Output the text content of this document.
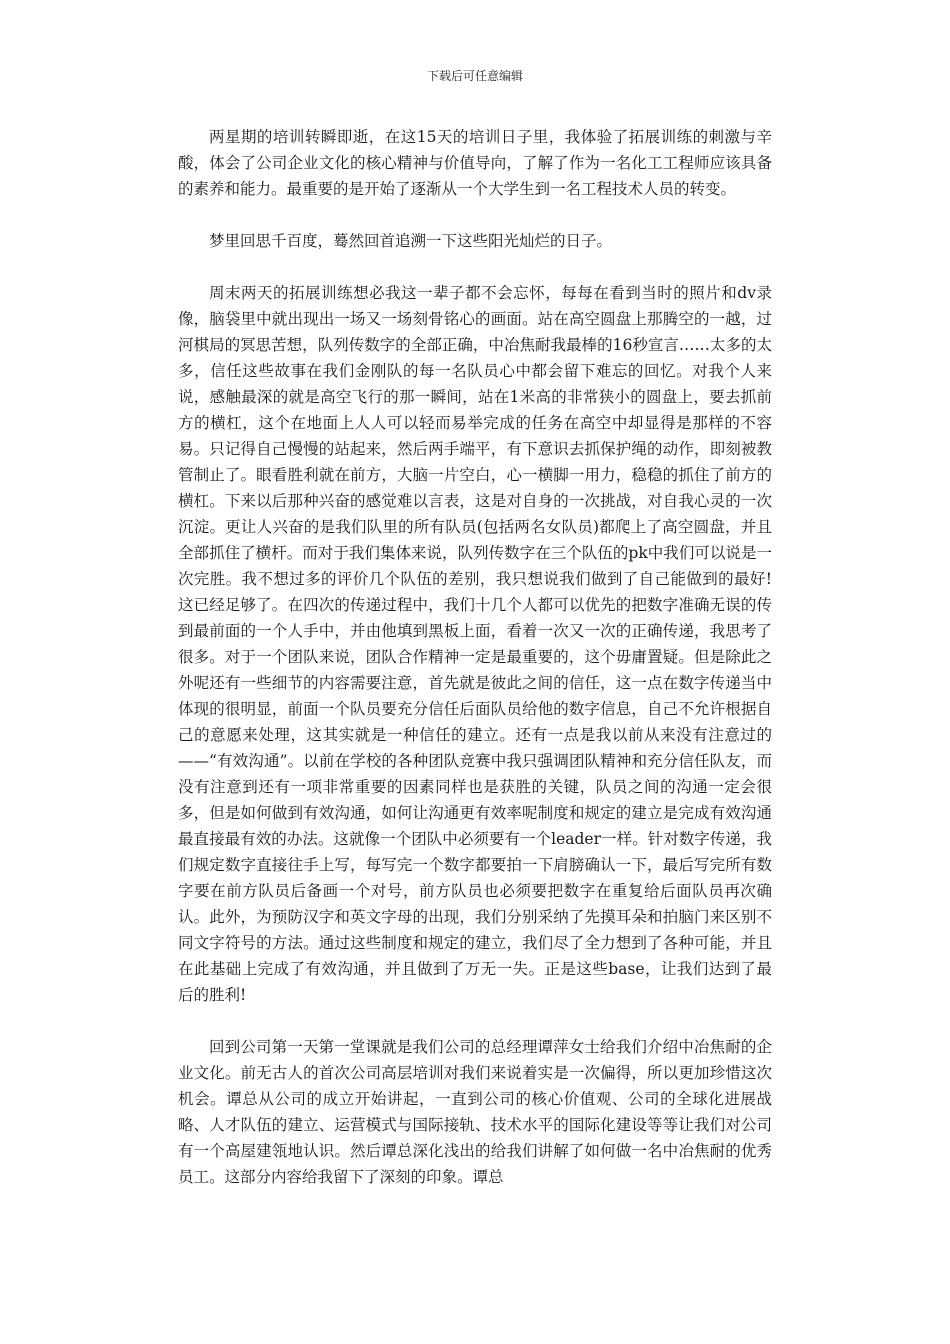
下载后可任意编辑

两星期的培训转瞬即逝，在这15天的培训日子里，我体验了拓展训练的刺激与辛酸，体会了公司企业文化的核心精神与价值导向，了解了作为一名化工工程师应该具备的素养和能力。最重要的是开始了逐渐从一个大学生到一名工程技术人员的转变。

梦里回思千百度，蓦然回首追溯一下这些阳光灿烂的日子。

周末两天的拓展训练想必我这一辈子都不会忘怀，每每在看到当时的照片和dv录像，脑袋里中就出现出一场又一场刻骨铭心的画面。站在高空圆盘上那腾空的一越，过河棋局的冥思苦想，队列传数字的全部正确，中冶焦耐我最棒的16秒宣言……太多的太多，信任这些故事在我们金刚队的每一名队员心中都会留下难忘的回忆。对我个人来说，感触最深的就是高空飞行的那一瞬间，站在1米高的非常狭小的圆盘上，要去抓前方的横杠，这个在地面上人人可以轻而易举完成的任务在高空中却显得是那样的不容易。只记得自己慢慢的站起来，然后两手端平，有下意识去抓保护绳的动作，即刻被教管制止了。眼看胜利就在前方，大脑一片空白，心一横脚一用力，稳稳的抓住了前方的横杠。下来以后那种兴奋的感觉难以言表，这是对自身的一次挑战，对自我心灵的一次沉淀。更让人兴奋的是我们队里的所有队员(包括两名女队员)都爬上了高空圆盘，并且全部抓住了横杆。而对于我们集体来说，队列传数字在三个队伍的pk中我们可以说是一次完胜。我不想过多的评价几个队伍的差别，我只想说我们做到了自己能做到的最好!这已经足够了。在四次的传递过程中，我们十几个人都可以优先的把数字准确无误的传到最前面的一个人手中，并由他填到黑板上面，看着一次又一次的正确传递，我思考了很多。对于一个团队来说，团队合作精神一定是最重要的，这个毋庸置疑。但是除此之外呢还有一些细节的内容需要注意，首先就是彼此之间的信任，这一点在数字传递当中体现的很明显，前面一个队员要充分信任后面队员给他的数字信息，自己不允许根据自己的意愿来处理，这其实就是一种信任的建立。还有一点是我以前从来没有注意过的——“有效沟通”。以前在学校的各种团队竞赛中我只强调团队精神和充分信任队友，而没有注意到还有一项非常重要的因素同样也是获胜的关键，队员之间的沟通一定会很多，但是如何做到有效沟通，如何让沟通更有效率呢制度和规定的建立是完成有效沟通最直接最有效的办法。这就像一个团队中必须要有一个leader一样。针对数字传递，我们规定数字直接往手上写，每写完一个数字都要拍一下肩膀确认一下，最后写完所有数字要在前方队员后备画一个对号，前方队员也必须要把数字在重复给后面队员再次确认。此外，为预防汉字和英文字母的出现，我们分别采纳了先摸耳朵和拍脑门来区别不同文字符号的方法。通过这些制度和规定的建立，我们尽了全力想到了各种可能，并且在此基础上完成了有效沟通，并且做到了万无一失。正是这些base，让我们达到了最后的胜利!

回到公司第一天第一堂课就是我们公司的总经理谭萍女士给我们介绍中冶焦耐的企业文化。前无古人的首次公司高层培训对我们来说着实是一次偏得，所以更加珍惜这次机会。谭总从公司的成立开始讲起，一直到公司的核心价值观、公司的全球化进展战略、人才队伍的建立、运营模式与国际接轨、技术水平的国际化建设等等让我们对公司有一个高屋建瓴地认识。然后谭总深化浅出的给我们讲解了如何做一名中冶焦耐的优秀员工。这部分内容给我留下了深刻的印象。谭总
